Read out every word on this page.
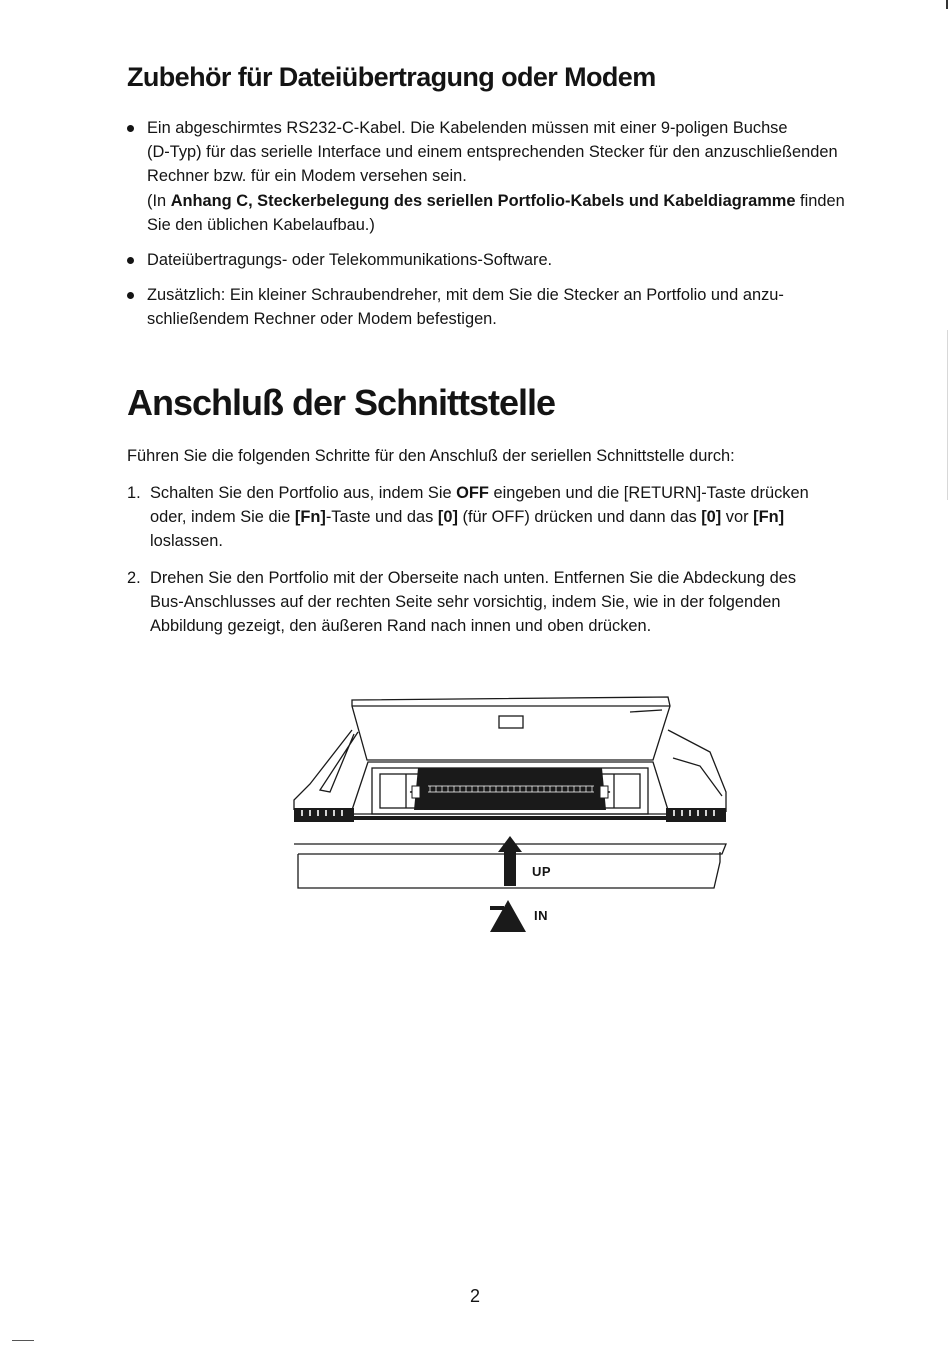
Zubehör für Dateiübertragung oder Modem
Ein abgeschirmtes RS232-C-Kabel. Die Kabelenden müssen mit einer 9-poligen Buchse
(D-Typ) für das serielle Interface und einem entsprechenden Stecker für den anzuschließenden
Rechner bzw. für ein Modem versehen sein.
(In Anhang C, Steckerbelegung des seriellen Portfolio-Kabels und Kabeldiagramme finden
Sie den üblichen Kabelaufbau.)
Dateiübertragungs- oder Telekommunikations-Software.
Zusätzlich: Ein kleiner Schraubendreher, mit dem Sie die Stecker an Portfolio und anzu-
schließendem Rechner oder Modem befestigen.
Anschluß der Schnittstelle

Führen Sie die folgenden Schritte für den Anschluß der seriellen Schnittstelle durch:

1. Schalten Sie den Portfolio aus, indem Sie OFF eingeben und die [RETURN]-Taste drücken
oder, indem Sie die [Fn]-Taste und das [0] (für OFF) drücken und dann das [0] vor [Fn]
loslassen.
2. Drehen Sie den Portfolio mit der Oberseite nach unten. Entfernen Sie die Abdeckung des
Bus-Anschlusses auf der rechten Seite sehr vorsichtig, indem Sie, wie in der folgenden
Abbildung gezeigt, den äußeren Rand nach innen und oben drücken.
UP
IN
2
